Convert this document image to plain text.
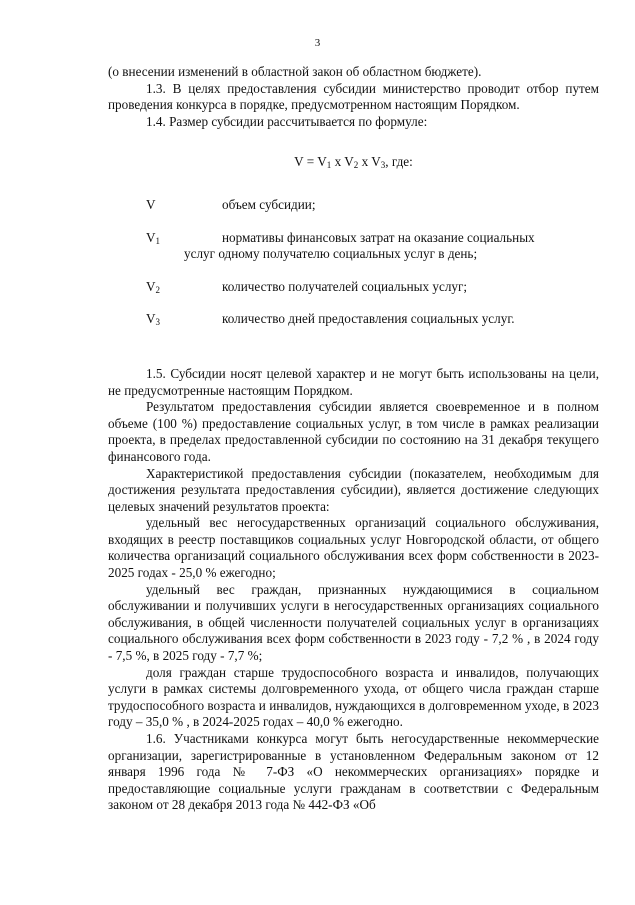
3

(о внесении изменений в областной закон об областном бюджете).

1.3. В целях предоставления субсидии министерство проводит отбор путем проведения конкурса в порядке, предусмотренном настоящим Порядком.

1.4. Размер субсидии рассчитывается по формуле:

$V = V_1$ x $V_2$ x $V_3$, где:
V	объем субсидии;
$V_1$	нормативы финансовых затрат на оказание социальных
услуг одному получателю социальных услуг в день;
$V_2$	количество получателей социальных услуг;
$V_3$	количество дней предоставления социальных услуг.

1.5. Субсидии носят целевой характер и не могут быть использованы на цели, не предусмотренные настоящим Порядком.

Результатом предоставления субсидии является своевременное и в полном объеме (100 %) предоставление социальных услуг, в том числе в рамках реализации проекта, в пределах предоставленной субсидии по состоянию на 31 декабря текущего финансового года.

Характеристикой предоставления субсидии (показателем, необходимым для достижения результата предоставления субсидии), является достижение следующих целевых значений результатов проекта:

удельный вес негосударственных организаций социального обслуживания, входящих в реестр поставщиков социальных услуг Новгородской области, от общего количества организаций социального обслуживания всех форм собственности в 2023-2025 годах - 25,0 % ежегодно;

удельный вес граждан, признанных нуждающимися в социальном обслуживании и получивших услуги в негосударственных организациях социального обслуживания, в общей численности получателей социальных услуг в организациях социального обслуживания всех форм собственности в 2023 году - 7,2 % , в 2024 году - 7,5 %, в 2025 году - 7,7 %;

доля граждан старше трудоспособного возраста и инвалидов, получающих услуги в рамках системы долговременного ухода, от общего числа граждан старше трудоспособного возраста и инвалидов, нуждающихся в долговременном уходе, в 2023 году – 35,0 % , в 2024-2025 годах – 40,0 % ежегодно.

1.6. Участниками конкурса могут быть негосударственные некоммерческие организации, зарегистрированные в установленном Федеральным законом от 12 января 1996 года № 7-ФЗ «О некоммерческих организациях» порядке и предоставляющие социальные услуги гражданам в соответствии с Федеральным законом от 28 декабря 2013 года № 442-ФЗ «Об
